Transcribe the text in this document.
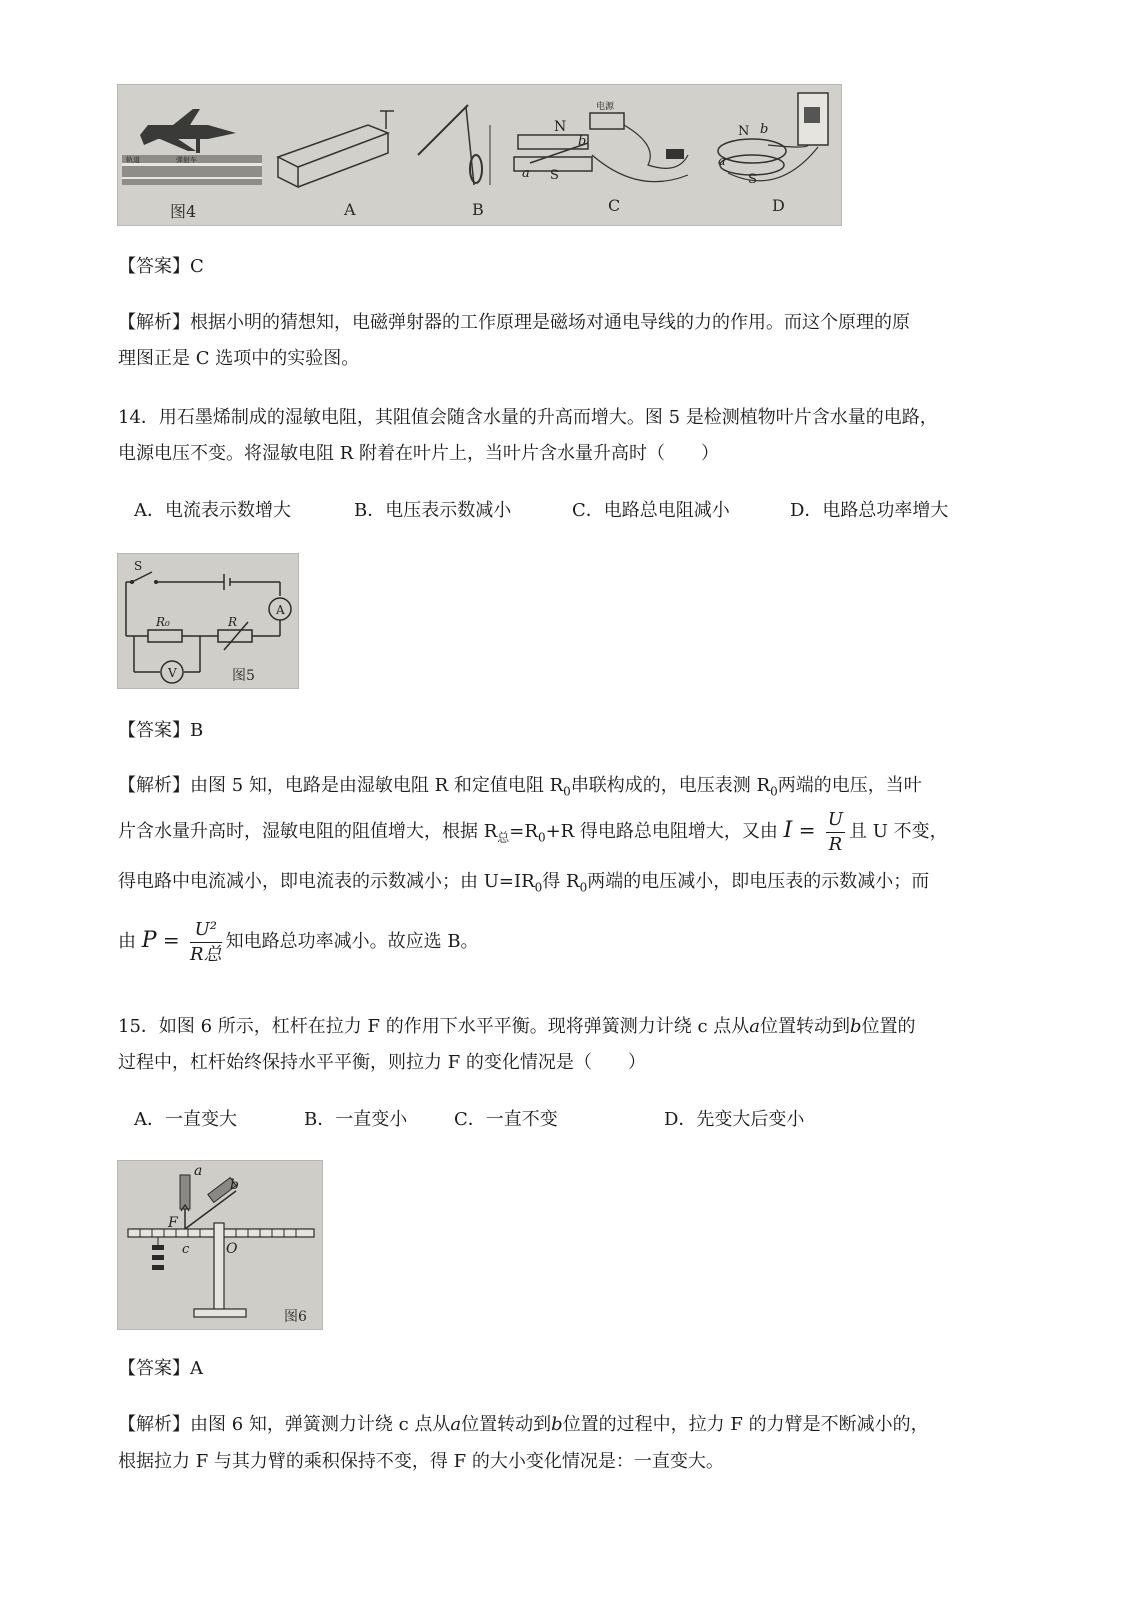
轨道	弹射车
图4	A	B
N
b
a S
电源
C
N b
a
S
D
【答案】C
【解析】根据小明的猜想知，电磁弹射器的工作原理是磁场对通电导线的力的作用。而这个原理的原
理图正是 C 选项中的实验图。
14．用石墨烯制成的湿敏电阻，其阻值会随含水量的升高而增大。图 5 是检测植物叶片含水量的电路，
电源电压不变。将湿敏电阻 R 附着在叶片上，当叶片含水量升高时（　　）
A．电流表示数增大	B．电压表示数减小	C．电路总电阻减小	D．电路总功率增大
S
A
R₀	R
V	图5
【答案】B
【解析】由图 5 知，电路是由湿敏电阻 R 和定值电阻 $R_0$串联构成的，电压表测 $R_0$两端的电压，当叶
片含水量升高时，湿敏电阻的阻值增大，根据 $R_总=R_0+R$ 得电路总电阻增大，又由 $I = \frac{U}{R}$ 且 U 不变，
得电路中电流减小，即电流表的示数减小；由 $U=IR_0$得 $R_0$两端的电压减小，即电压表的示数减小；而
由 $P = \frac{\text{U²}}{\text{R总}}$ 知电路总功率减小。故应选 B。
15．如图 6 所示，杠杆在拉力 F 的作用下水平平衡。现将弹簧测力计绕 c 点从a位置转动到b位置的
过程中，杠杆始终保持水平平衡，则拉力 F 的变化情况是（　　）
A．一直变大	B．一直变小	C．一直不变	D．先变大后变小
a
b
F
c	O
图6
【答案】A
【解析】由图 6 知，弹簧测力计绕 c 点从a位置转动到b位置的过程中，拉力 F 的力臂是不断减小的，
根据拉力 F 与其力臂的乘积保持不变，得 F 的大小变化情况是：一直变大。
